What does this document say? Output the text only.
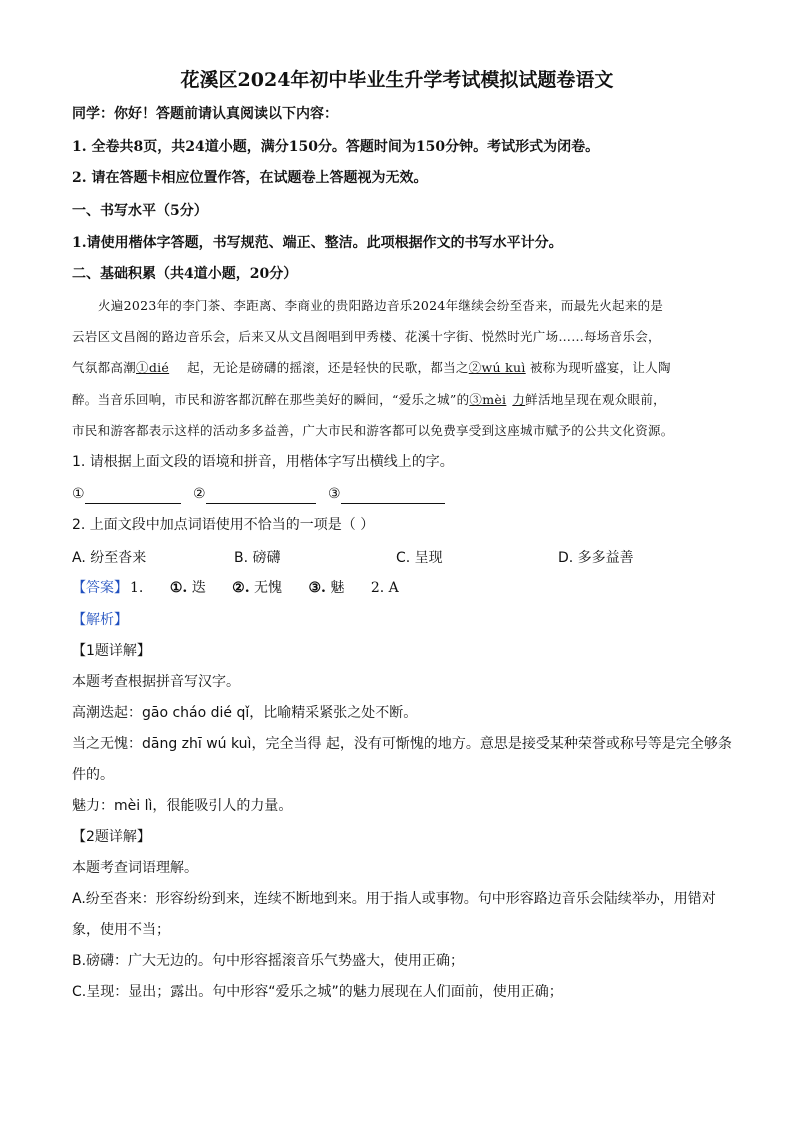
花溪区2024年初中毕业生升学考试模拟试题卷语文
同学：你好！答题前请认真阅读以下内容：
1. 全卷共8页，共24道小题，满分150分。答题时间为150分钟。考试形式为闭卷。
2. 请在答题卡相应位置作答，在试题卷上答题视为无效。
一、书写水平（5分）
1.请使用楷体字答题，书写规范、端正、整洁。此项根据作文的书写水平计分。
二、基础积累（共4道小题，20分）
火遍2023年的李门茶、李距离、李商业的贵阳路边音乐2024年继续会纷至沓来，而最先火起来的是
云岩区文昌阁的路边音乐会，后来又从文昌阁唱到甲秀楼、花溪十字街、悦然时光广场……每场音乐会，
气氛都高潮①dié 起，无论是磅礴的摇滚，还是轻快的民歌，都当之②wú kuì 被称为现听盛宴，让人陶
醉。当音乐回响，市民和游客都沉醉在那些美好的瞬间，“爱乐之城”的③mèi 力鲜活地呈现在观众眼前，
市民和游客都表示这样的活动多多益善，广大市民和游客都可以免费享受到这座城市赋予的公共文化资源。
1. 请根据上面文段的语境和拼音，用楷体字写出横线上的字。
①	②	③
2. 上面文段中加点词语使用不恰当的一项是（ ）
A. 纷至沓来	B. 磅礴	C. 呈现	D. 多多益善
【答案】 1. ①. 迭 ②. 无愧 ③. 魅 2. A
【解析】
【1题详解】
本题考查根据拼音写汉字。
高潮迭起：gāo cháo dié qǐ，比喻精采紧张之处不断。
当之无愧：dāng zhī wú kuì，完全当得 起，没有可惭愧的地方。意思是接受某种荣誉或称号等是完全够条
件的。
魅力：mèi lì，很能吸引人的力量。
【2题详解】
本题考查词语理解。
A.纷至沓来：形容纷纷到来，连续不断地到来。用于指人或事物。句中形容路边音乐会陆续举办，用错对
象，使用不当；
B.磅礴：广大无边的。句中形容摇滚音乐气势盛大，使用正确；
C.呈现：显出；露出。句中形容“爱乐之城”的魅力展现在人们面前，使用正确；
